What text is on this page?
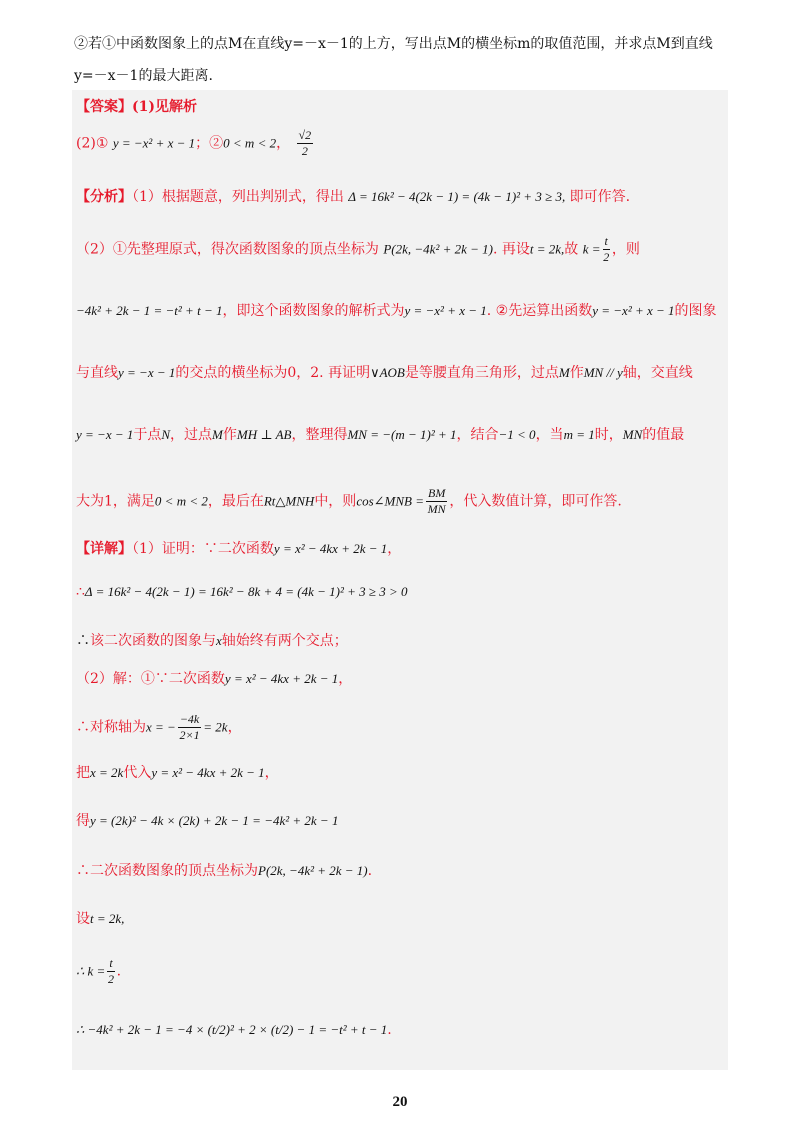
②若①中函数图象上的点M在直线y=－x－1的上方，写出点M的横坐标m的取值范围，并求点M到直线
y=－x－1的最大距离.
【答案】(1)见解析
(2)① y = −x² + x − 1；②0 < m < 2， $\frac{√2}{2}$
【分析】（1）根据题意，列出判别式，得出 Δ = 16k² − 4(2k − 1) = (4k − 1)² + 3 ≥ 3, 即可作答.
（2）①先整理原式，得次函数图象的顶点坐标为 P(2k, −4k² + 2k − 1). 再设t = 2k,故 $k = \frac{t}{2}$ ，则
−4k² + 2k − 1 = −t² + t − 1，即这个函数图象的解析式为y = −x² + x − 1. ②先运算出函数y = −x² + x − 1的图象
与直线y = −x − 1的交点的横坐标为0，2. 再证明∨AOB是等腰直角三角形，过点M作MN // y轴，交直线
y = −x − 1于点N，过点M作MH ⊥ AB，整理得MN = −(m − 1)² + 1，结合−1 < 0，当m = 1时，MN的值最
大为1，满足0 < m < 2，最后在Rt△MNH中，则cos∠MNB = $\frac{BM}{MN}$ ，代入数值计算，即可作答.
【详解】（1）证明：∵二次函数y = x² − 4kx + 2k − 1，
∴Δ = 16k² − 4(2k − 1) = 16k² − 8k + 4 = (4k − 1)² + 3 ≥ 3 > 0
∴该二次函数的图象与x轴始终有两个交点；
（2）解：①∵二次函数y = x² − 4kx + 2k − 1，
∴对称轴为x = − $\frac{-4k}{2\times 1} = 2k$，
把x = 2k代入y = x² − 4kx + 2k − 1，
得y = (2k)² − 4k × (2k) + 2k − 1 = −4k² + 2k − 1
∴二次函数图象的顶点坐标为P(2k, −4k² + 2k − 1).
设t = 2k,
∴ $k = \frac{t}{2}$ .
∴ −4k² + 2k − 1 = −4 × (t/2)² + 2 × (t/2) − 1 = −t² + t − 1.
20
